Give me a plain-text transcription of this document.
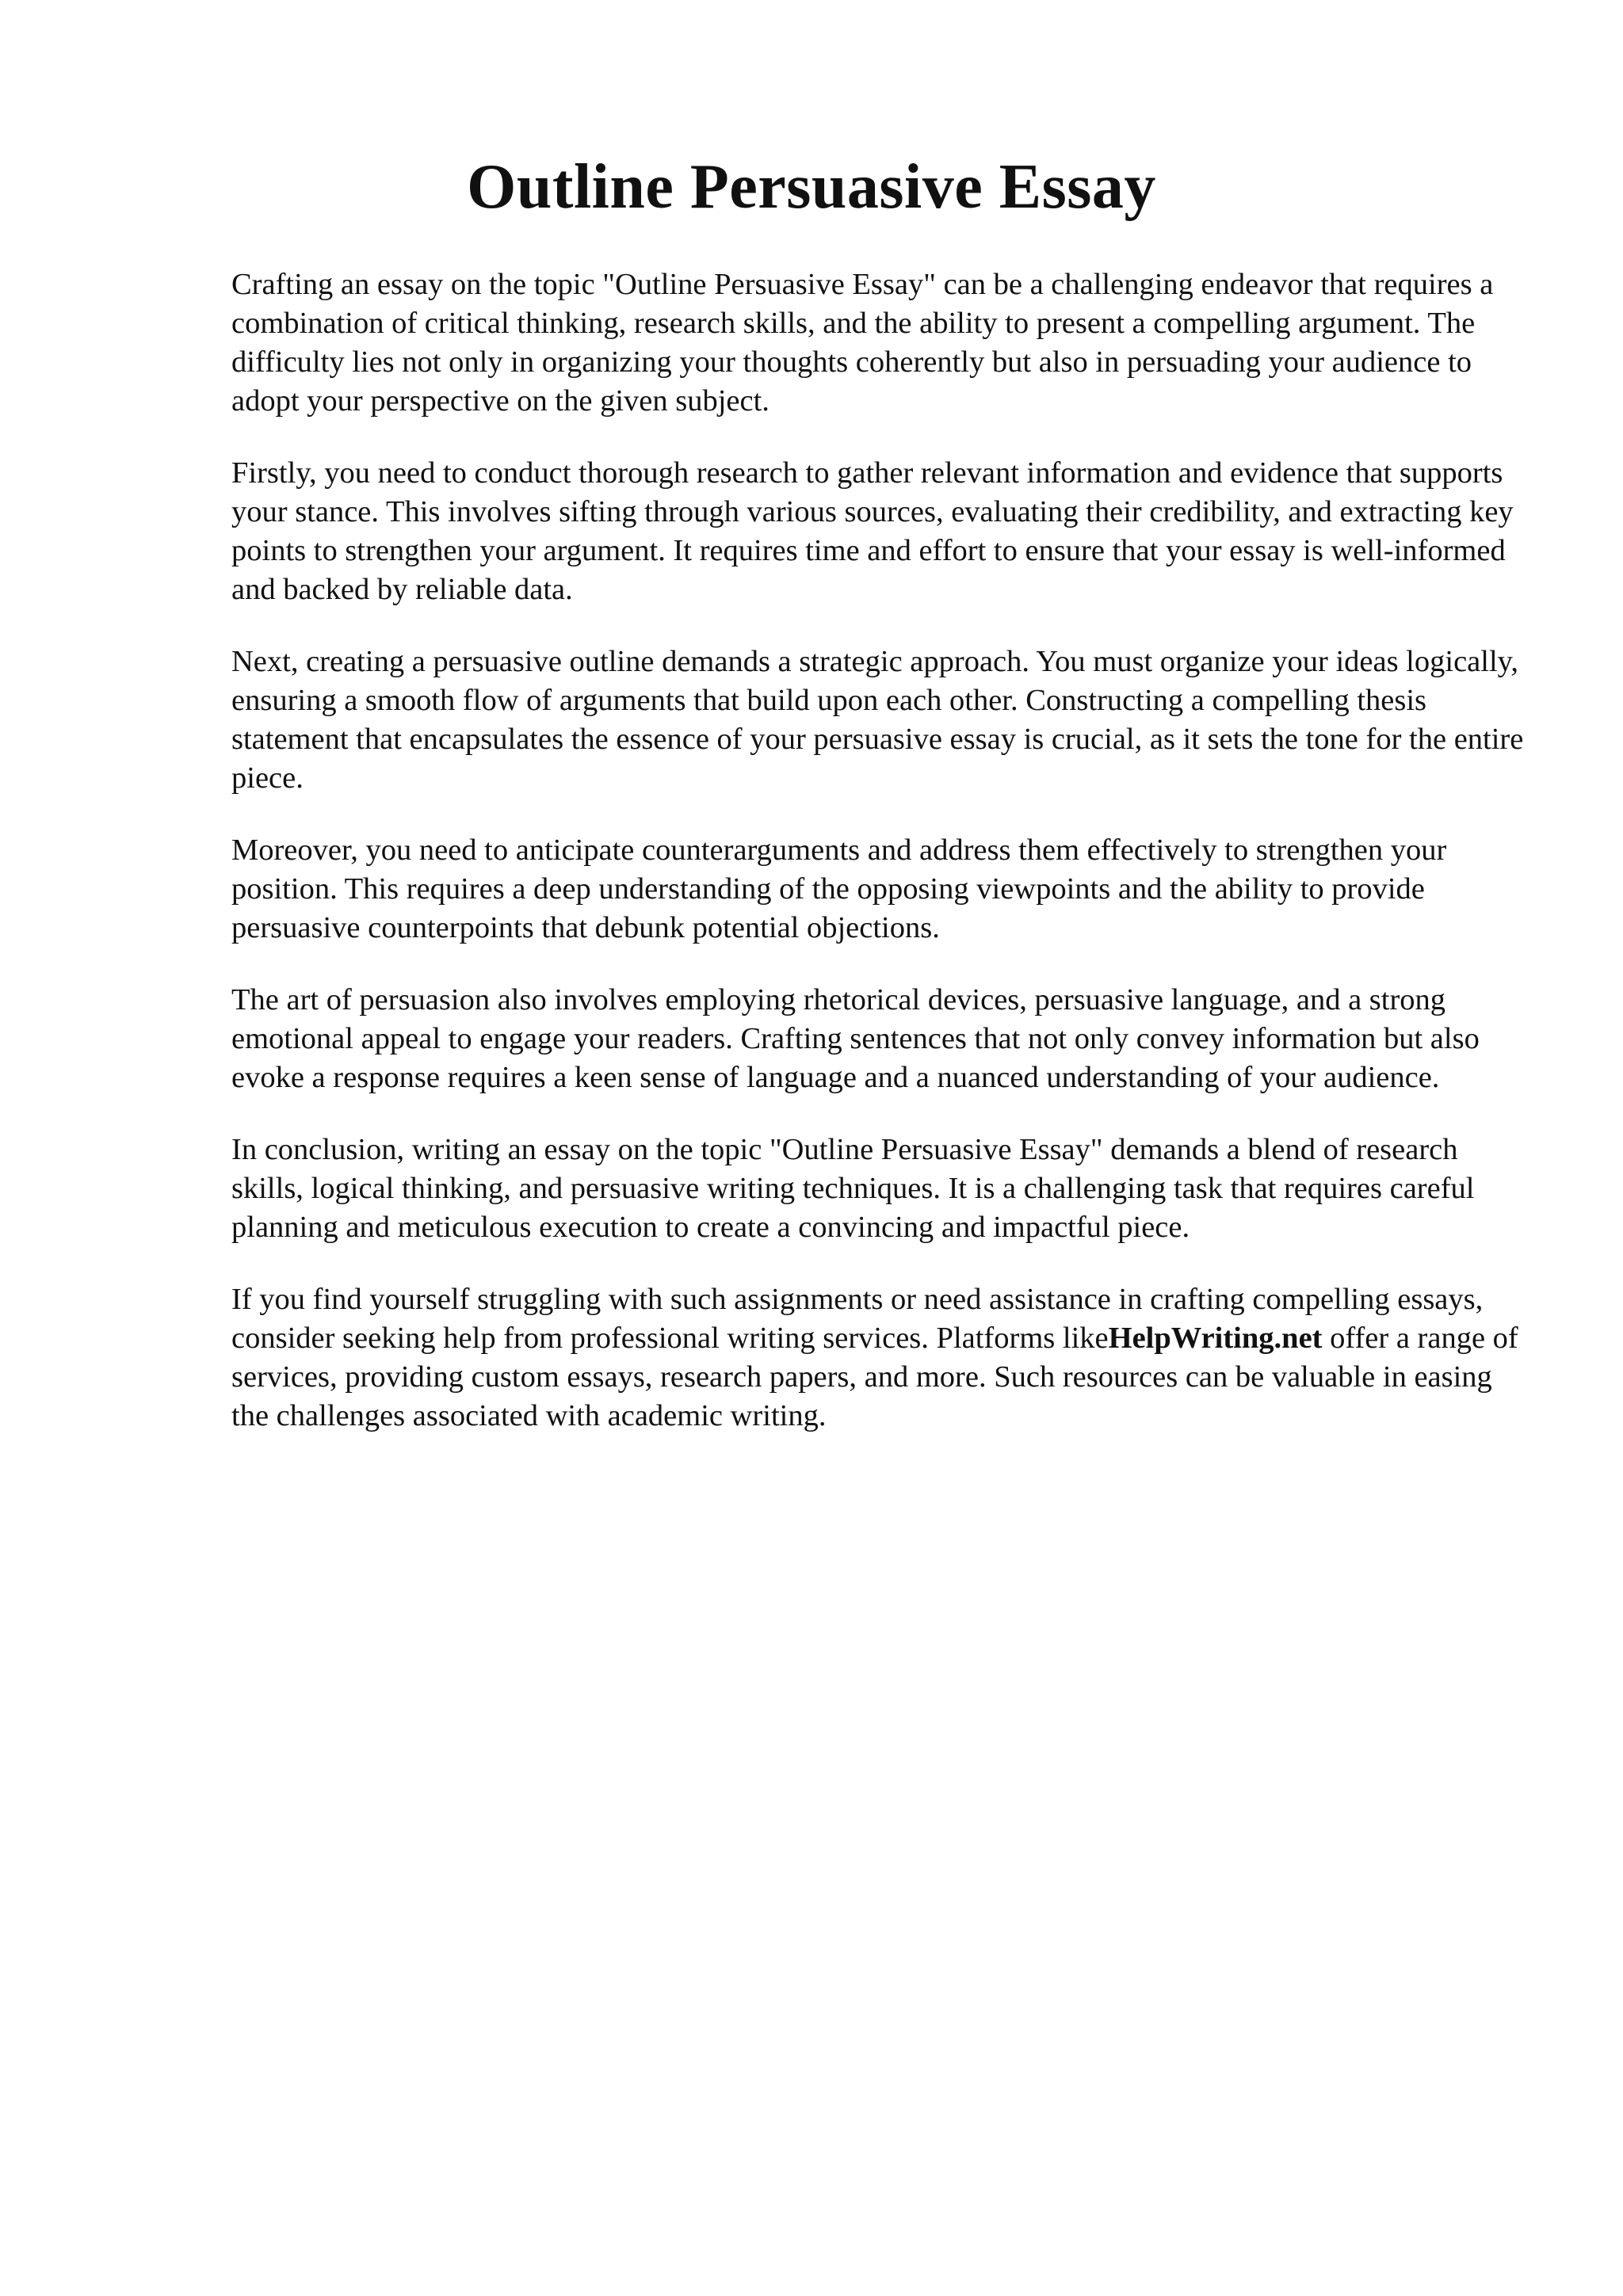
Outline Persuasive Essay

Crafting an essay on the topic "Outline Persuasive Essay" can be a challenging endeavor that requires a combination of critical thinking, research skills, and the ability to present a compelling argument. The difficulty lies not only in organizing your thoughts coherently but also in persuading your audience to adopt your perspective on the given subject.

Firstly, you need to conduct thorough research to gather relevant information and evidence that supports your stance. This involves sifting through various sources, evaluating their credibility, and extracting key points to strengthen your argument. It requires time and effort to ensure that your essay is well-informed and backed by reliable data.

Next, creating a persuasive outline demands a strategic approach. You must organize your ideas logically, ensuring a smooth flow of arguments that build upon each other. Constructing a compelling thesis statement that encapsulates the essence of your persuasive essay is crucial, as it sets the tone for the entire piece.

Moreover, you need to anticipate counterarguments and address them effectively to strengthen your position. This requires a deep understanding of the opposing viewpoints and the ability to provide persuasive counterpoints that debunk potential objections.

The art of persuasion also involves employing rhetorical devices, persuasive language, and a strong emotional appeal to engage your readers. Crafting sentences that not only convey information but also evoke a response requires a keen sense of language and a nuanced understanding of your audience.

In conclusion, writing an essay on the topic "Outline Persuasive Essay" demands a blend of research skills, logical thinking, and persuasive writing techniques. It is a challenging task that requires careful planning and meticulous execution to create a convincing and impactful piece.

If you find yourself struggling with such assignments or need assistance in crafting compelling essays, consider seeking help from professional writing services. Platforms likeHelpWriting.net offer a range of services, providing custom essays, research papers, and more. Such resources can be valuable in easing the challenges associated with academic writing.
